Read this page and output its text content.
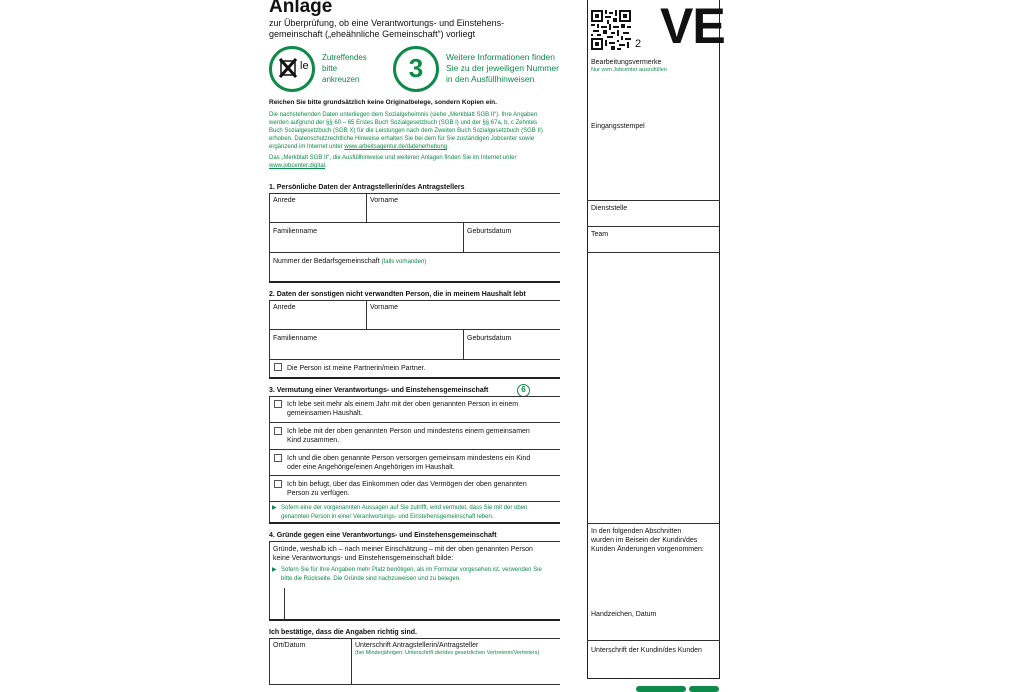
Anlage
zur Überprüfung, ob eine Verantwortungs- und Einstehens-
gemeinschaft („eheähnliche Gemeinschaft“) vorliegt
le
Zutreffendes
bitte
ankreuzen	3	Weitere Informationen finden
Sie zu der jeweiligen Nummer
in den Ausfüllhinweisen
Reichen Sie bitte grundsätzlich keine Originalbelege, sondern Kopien ein.
Die nachstehenden Daten unterliegen dem Sozialgeheimnis (siehe „Merkblatt SGB II“). Ihre Angaben
werden aufgrund der §§ 60 – 65 Erstes Buch Sozialgesetzbuch (SGB I) und der §§ 67a, b, c Zehntes
Buch Sozialgesetzbuch (SGB X) für die Leistungen nach dem Zweiten Buch Sozialgesetzbuch (SGB II)
erhoben. Datenschutzrechtliche Hinweise erhalten Sie bei dem für Sie zuständigen Jobcenter sowie
ergänzend im Internet unter www.arbeitsagentur.de/datenerhebung.
Das „Merkblatt SGB II“, die Ausfüllhinweise und weiteren Anlagen finden Sie im Internet unter
www.jobcenter.digital.
1. Persönliche Daten der Antragstellerin/des Antragstellers
Anrede	Vorname
Familienname	Geburtsdatum
Nummer der Bedarfsgemeinschaft (falls vorhanden)
2. Daten der sonstigen nicht verwandten Person, die in meinem Haushalt lebt
Anrede	Vorname
Familienname	Geburtsdatum
Die Person ist meine Partnerin/mein Partner.
3. Vermutung einer Verantwortungs- und Einstehensgemeinschaft	6
Ich lebe seit mehr als einem Jahr mit der oben genannten Person in einem
gemeinsamen Haushalt.
Ich lebe mit der oben genannten Person und mindestens einem gemeinsamen
Kind zusammen.
Ich und die oben genannte Person versorgen gemeinsam mindestens ein Kind
oder eine Angehörige/einen Angehörigen im Haushalt.
Ich bin befugt, über das Einkommen oder das Vermögen der oben genannten
Person zu verfügen.
▶ Sofern eine der vorgenannten Aussagen auf Sie zutrifft, wird vermutet, dass Sie mit der oben
genannten Person in einer Verantwortungs- und Einstehensgemeinschaft leben.
4. Gründe gegen eine Verantwortungs- und Einstehensgemeinschaft
Gründe, weshalb ich – nach meiner Einschätzung – mit der oben genannten Person
keine Verantwortungs- und Einstehensgemeinschaft bilde:
▶ Sofern Sie für Ihre Angaben mehr Platz benötigen, als im Formular vorgesehen ist, verwenden Sie
bitte die Rückseite. Die Gründe sind nachzuweisen und zu belegen.
Ich bestätige, dass die Angaben richtig sind.
Ort/Datum	Unterschrift Antragstellerin/Antragsteller
(bei Minderjährigen: Unterschrift der/des gesetzlichen Vertreterin/Vertreters)
2 VE
Bearbeitungsvermerke
Nur vom Jobcenter auszufüllen
Eingangsstempel
Dienststelle
Team
In den folgenden Abschnitten
wurden im Beisein der Kundin/des
Kunden Änderungen vorgenommen:
Handzeichen, Datum
Unterschrift der Kundin/des Kunden
